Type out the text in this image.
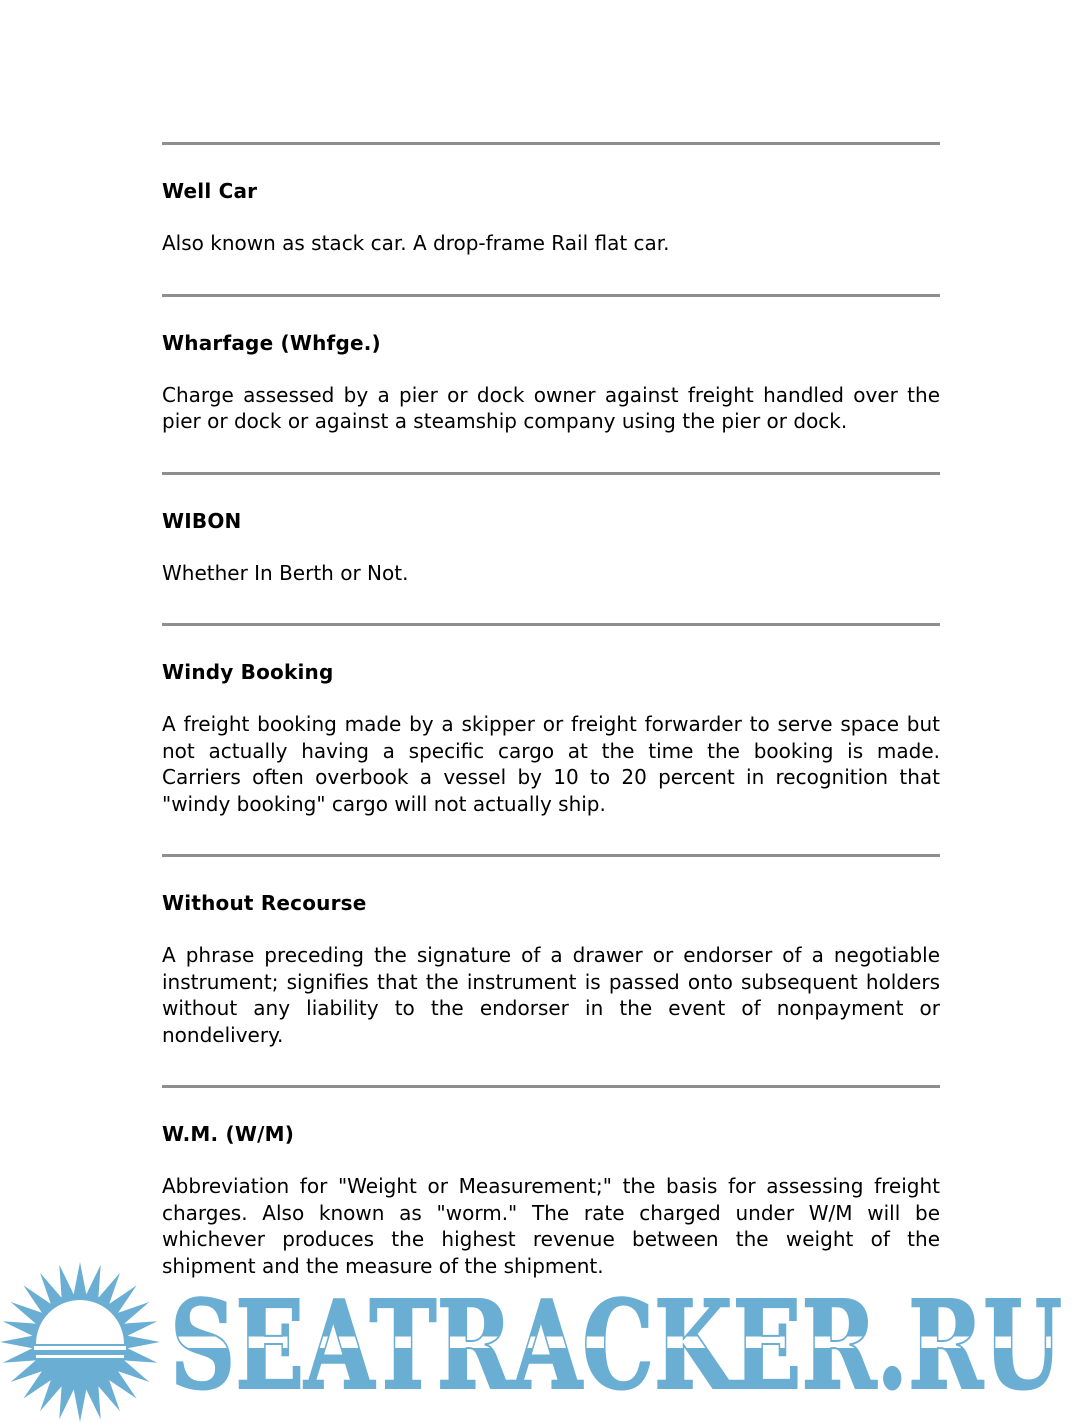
Well Car

Also known as stack car. A drop-frame Rail flat car.

Wharfage (Whfge.)

Charge assessed by a pier or dock owner against freight handled over the pier or dock or against a steamship company using the pier or dock.

WIBON

Whether In Berth or Not.

Windy Booking

A freight booking made by a skipper or freight forwarder to serve space but not actually having a specific cargo at the time the booking is made.   Carriers often overbook a vessel by 10 to 20 percent in recognition that "windy booking" cargo will not actually ship.

Without Recourse

A phrase preceding the signature of a drawer or endorser of a negotiable instrument; signifies that the instrument is passed onto subsequent holders without any liability to the endorser in the event of nonpayment or nondelivery.

W.M. (W/M)

Abbreviation for "Weight or Measurement;" the basis for assessing freight charges. Also known as "worm." The rate charged under W/M will be whichever produces the highest revenue between the weight of the shipment and the measure of the shipment.

SEATRACKER.RU
